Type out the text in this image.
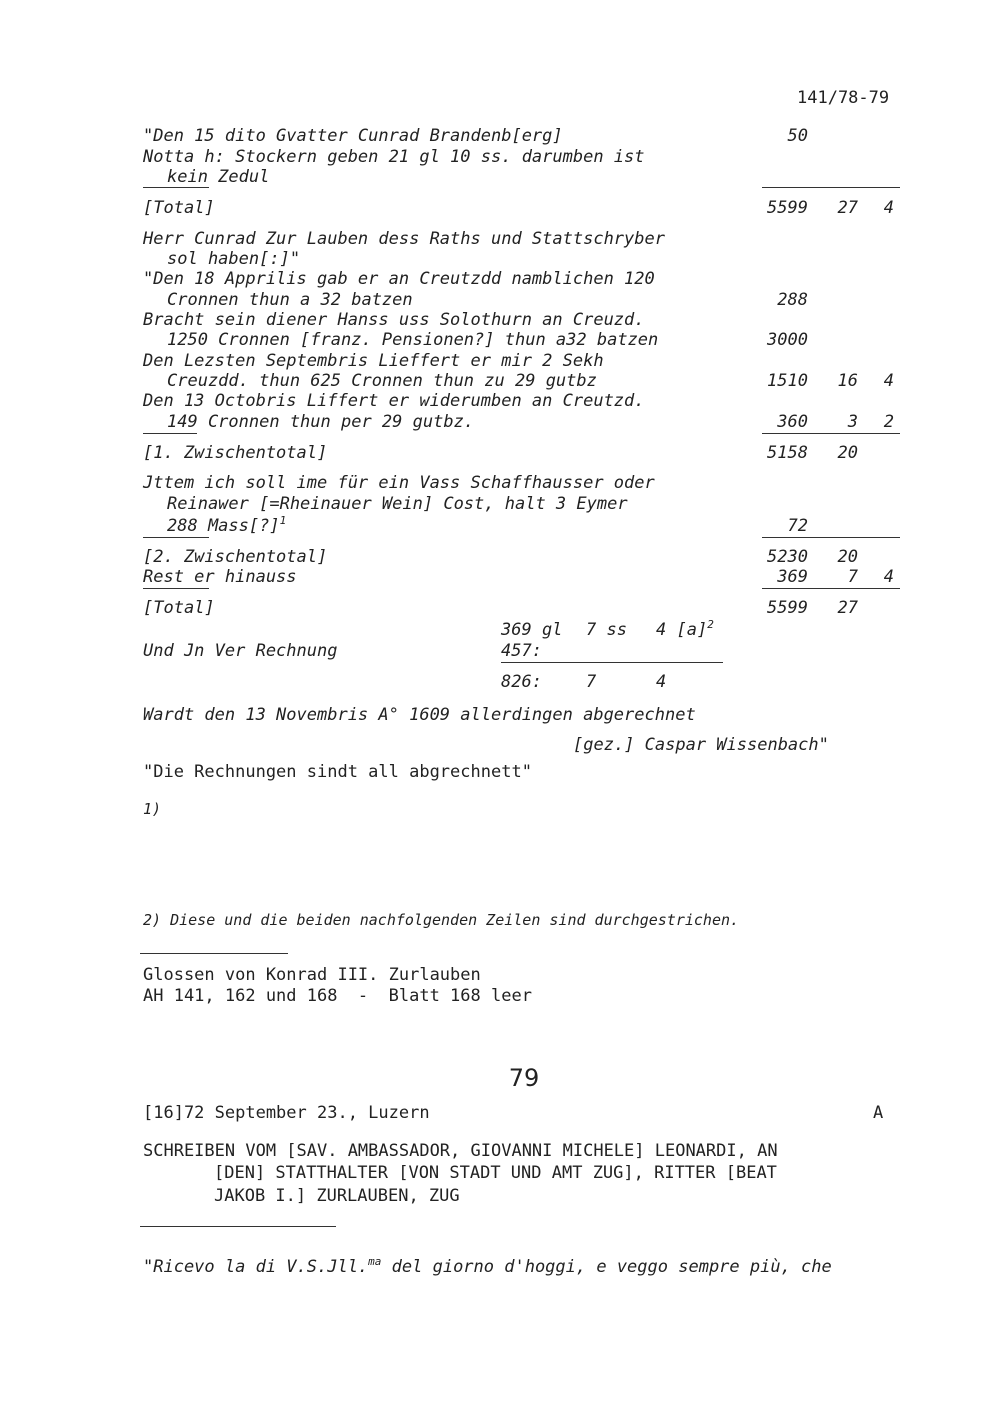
141/78-79
"Den 15 dito Gvatter Cunrad Brandenb[erg]	50
Notta h: Stockern geben 21 gl 10 ss. darumben ist
kein Zedul
[Total]	5599	27	4
Herr Cunrad Zur Lauben dess Raths und Stattschryber
sol haben[:]"
"Den 18 Apprilis gab er an Creutzdd namblichen 120
Cronnen thun a 32 batzen	288
Bracht sein diener Hanss uss Solothurn an Creuzd.
1250 Cronnen [franz. Pensionen?] thun a32 batzen	3000
Den Lezsten Septembris Lieffert er mir 2 Sekh
Creuzdd. thun 625 Cronnen thun zu 29 gutbz	1510	16	4
Den 13 Octobris Liffert er widerumben an Creutzd.
149 Cronnen thun per 29 gutbz.	360	3	2
[1. Zwischentotal]	5158	20
Jttem ich soll ime für ein Vass Schaffhausser oder
Reinawer [=Rheinauer Wein] Cost, halt 3 Eymer
288 Mass[?]$^1$	72
[2. Zwischentotal]	5230	20
Rest er hinauss	369	7	4
[Total]	5599	27
369 gl 7 ss 4 $[a]^2$
Und Jn Ver Rechnung	457:
826:	7	4
Wardt den 13 Novembris A° 1609 allerdingen abgerechnet
[gez.] Caspar Wissenbach"
"Die Rechnungen sindt all abgrechnett"
1)
2) Diese und die beiden nachfolgenden Zeilen sind durchgestrichen.
Glossen von Konrad III. Zurlauben
AH 141, 162 und 168  -  Blatt 168 leer
79
[16]72 September 23., Luzern	A
SCHREIBEN VOM [SAV. AMBASSADOR, GIOVANNI MICHELE] LEONARDI, AN
[DEN] STATTHALTER [VON STADT UND AMT ZUG], RITTER [BEAT
JAKOB I.] ZURLAUBEN, ZUG
"Ricevo la di V.S.Jll.$^{ma}$ del giorno d'hoggi, e veggo sempre più, che
